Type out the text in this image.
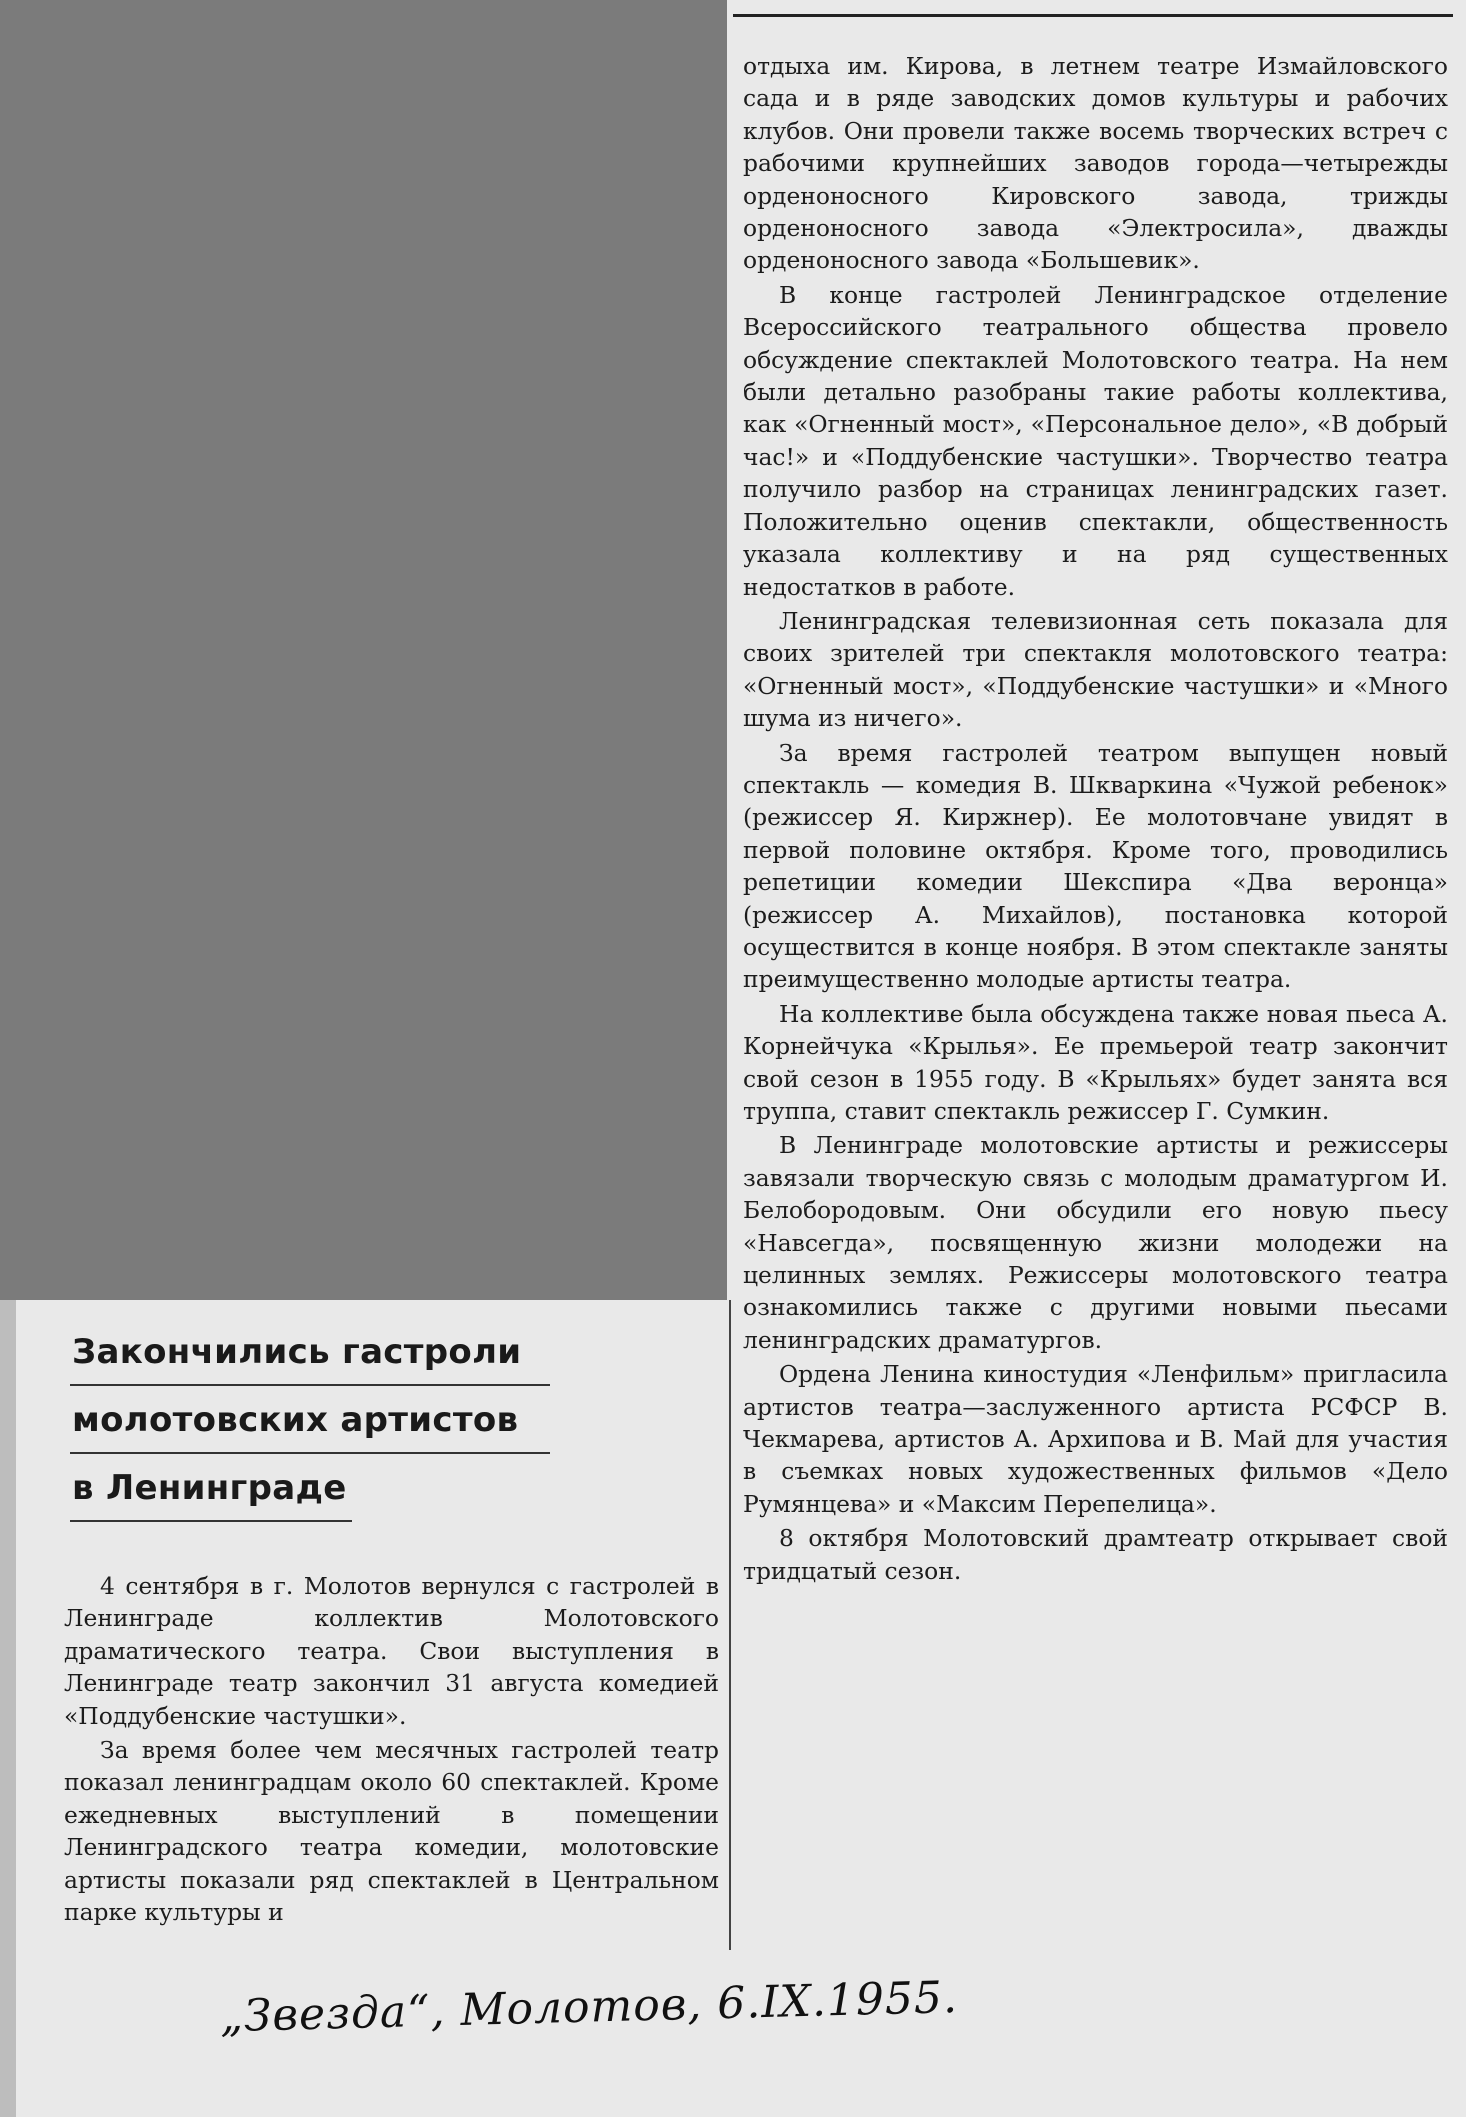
Закончились гастроли
молотовских артистов
в Ленинграде

4 сентября в г. Молотов вернулся с гастролей в Ленинграде коллектив Молотовского драматического театра. Свои выступления в Ленинграде театр закончил 31 августа комедией «Поддубенские частушки».

За время более чем месячных гастролей театр показал ленинградцам около 60 спектаклей. Кроме ежедневных выступлений в помещении Ленинградского театра комедии, молотовские артисты показали ряд спектаклей в Центральном парке культуры и

отдыха им. Кирова, в летнем театре Измайловского сада и в ряде заводских домов культуры и рабочих клубов. Они провели также восемь творческих встреч с рабочими крупнейших заводов города—четырежды орденоносного Кировского завода, трижды орденоносного завода «Электросила», дважды орденоносного завода «Большевик».

В конце гастролей Ленинградское отделение Всероссийского театрального общества провело обсуждение спектаклей Молотовского театра. На нем были детально разобраны такие работы коллектива, как «Огненный мост», «Персональное дело», «В добрый час!» и «Поддубенские частушки». Творчество театра получило разбор на страницах ленинградских газет. Положительно оценив спектакли, общественность указала коллективу и на ряд существенных недостатков в работе.

Ленинградская телевизионная сеть показала для своих зрителей три спектакля молотовского театра: «Огненный мост», «Поддубенские частушки» и «Много шума из ничего».

За время гастролей театром выпущен новый спектакль — комедия В. Шкваркина «Чужой ребенок» (режиссер Я. Киржнер). Ее молотовчане увидят в первой половине октября. Кроме того, проводились репетиции комедии Шекспира «Два веронца» (режиссер А. Михайлов), постановка которой осуществится в конце ноября. В этом спектакле заняты преимущественно молодые артисты театра.

На коллективе была обсуждена также новая пьеса А. Корнейчука «Крылья». Ее премьерой театр закончит свой сезон в 1955 году. В «Крыльях» будет занята вся труппа, ставит спектакль режиссер Г. Сумкин.

В Ленинграде молотовские артисты и режиссеры завязали творческую связь с молодым драматургом И. Белобородовым. Они обсудили его новую пьесу «Навсегда», посвященную жизни молодежи на целинных землях. Режиссеры молотовского театра ознакомились также с другими новыми пьесами ленинградских драматургов.

Ордена Ленина киностудия «Ленфильм» пригласила артистов театра—заслуженного артиста РСФСР В. Чекмарева, артистов А. Архипова и В. Май для участия в съемках новых художественных фильмов «Дело Румянцева» и «Максим Перепелица».

8 октября Молотовский драмтеатр открывает свой тридцатый сезон.

„Звезда“, Молотов, 6.IX.1955.
